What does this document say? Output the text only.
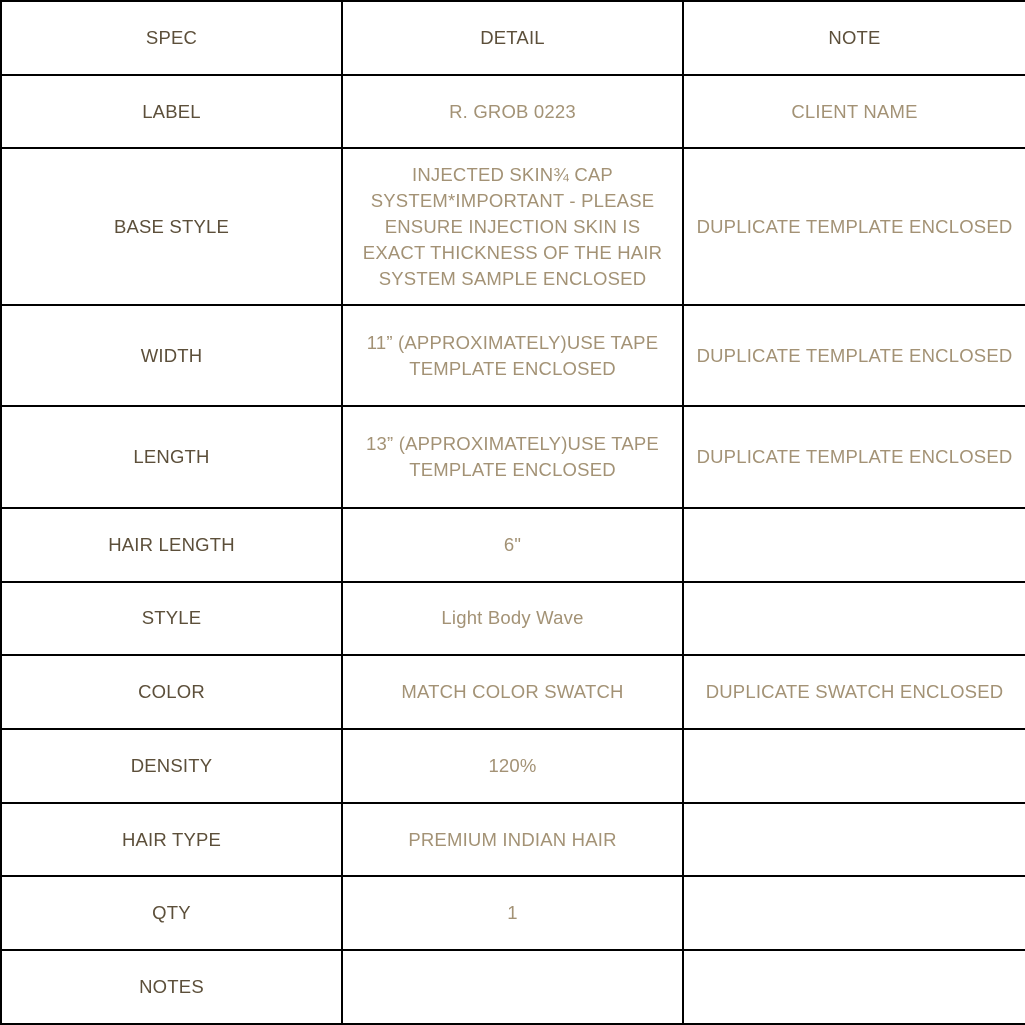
SPEC	DETAIL	NOTE
LABEL	R. GROB 0223	CLIENT NAME
BASE STYLE	INJECTED SKIN¾ CAP SYSTEM*IMPORTANT - PLEASE ENSURE INJECTION SKIN IS EXACT THICKNESS OF THE HAIR SYSTEM SAMPLE ENCLOSED	DUPLICATE TEMPLATE ENCLOSED
WIDTH	11” (APPROXIMATELY)USE TAPE TEMPLATE ENCLOSED	DUPLICATE TEMPLATE ENCLOSED
LENGTH	13” (APPROXIMATELY)USE TAPE TEMPLATE ENCLOSED	DUPLICATE TEMPLATE ENCLOSED
HAIR LENGTH	6"	
STYLE	Light Body Wave	
COLOR	MATCH COLOR SWATCH	DUPLICATE SWATCH ENCLOSED
DENSITY	120%	
HAIR TYPE	PREMIUM INDIAN HAIR	
QTY	1	
NOTES		
